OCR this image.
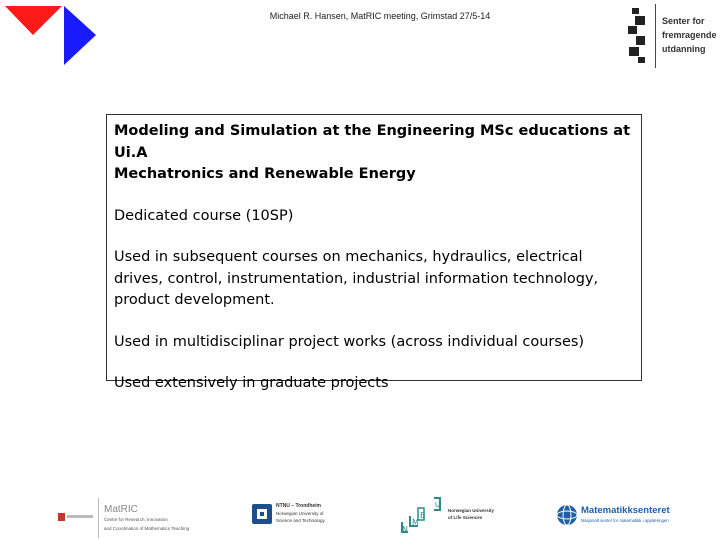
Michael R. Hansen, MatRIC meeting, Grimstad 27/5-14	Senter for
fremragende
utdanning

Modeling and Simulation at the Engineering MSc educations at Ui.A
Mechatronics and Renewable Energy

Dedicated course (10SP)

Used in subsequent courses on mechanics, hydraulics, electrical drives, control, instrumentation, industrial information technology, product development.

Used in multidisciplinar project works (across individual courses)

Used extensively in graduate projects

MatRIC
Centre for Research, Innovation
and Coordination of Mathematics Teaching
NTNU – Trondheim
Norwegian University of
Science and Technology
B
M
N
U
Norwegian University
of Life Sciences
Matematikksenteret
Nasjonalt senter for matematikk i opplæringen
